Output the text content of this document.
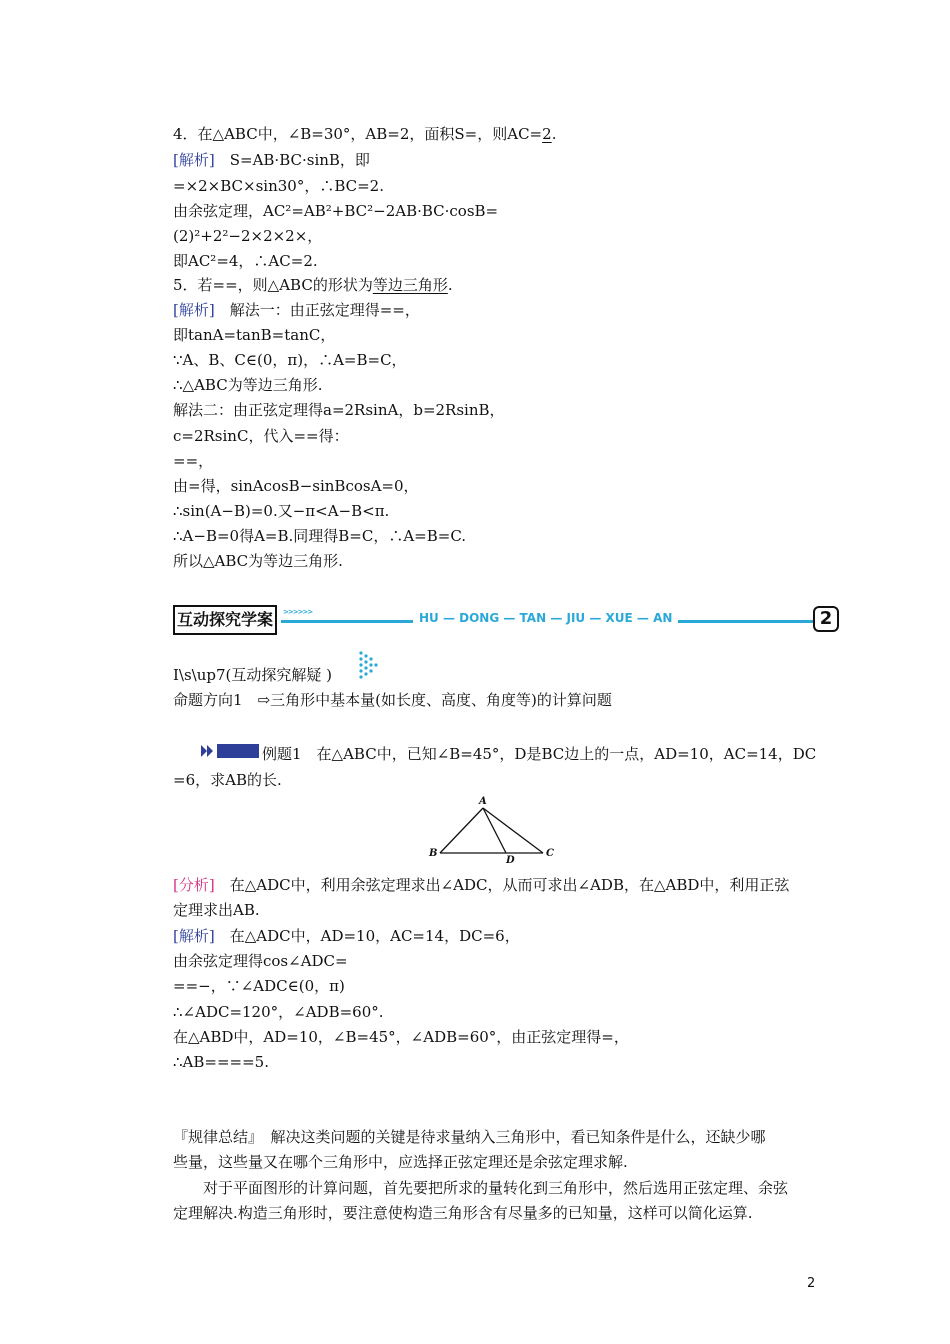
4．在△ABC中，∠B=30°，AB=2，面积S=，则AC=2.
[解析]　 S=AB·BC·sinB，即
=×2×BC×sin30°，∴BC=2.
由余弦定理，AC²=AB²+BC²−2AB·BC·cosB=
(2)²+2²−2×2×2×，
即AC²=4，∴AC=2.
5．若==，则△ABC的形状为等边三角形.
[解析]　 解法一：由正弦定理得==，
即tanA=tanB=tanC，
∵A、B、C∈(0，π)，∴A=B=C，
∴△ABC为等边三角形.
解法二：由正弦定理得a=2RsinA，b=2RsinB，
c=2RsinC，代入==得：
==，
由=得，sinAcosB−sinBcosA=0，
∴sin(A−B)=0.又−π<A−B<π.
∴A−B=0得A=B.同理得B=C，∴A=B=C.
所以△ABC为等边三角形.
互动探究学案	>>>>>>	HU — DONG — TAN — JIU — XUE — AN	2
I\s\up7(互动探究解疑 )
命题方向1　⇨三角形中基本量(如长度、高度、角度等)的计算问题
例题1　在△ABC中，已知∠B=45°，D是BC边上的一点，AD=10，AC=14，DC
=6，求AB的长.
A
B	C
D
[分析]　 在△ADC中，利用余弦定理求出∠ADC，从而可求出∠ADB，在△ABD中，利用正弦
定理求出AB.
[解析]　 在△ADC中，AD=10，AC=14，DC=6，
由余弦定理得cos∠ADC=
==−，∵∠ADC∈(0，π)
∴∠ADC=120°，∠ADB=60°.
在△ABD中，AD=10，∠B=45°，∠ADB=60°，由正弦定理得=，
∴AB====5.
『规律总结』　解决这类问题的关键是待求量纳入三角形中，看已知条件是什么，还缺少哪
些量，这些量又在哪个三角形中，应选择正弦定理还是余弦定理求解.
对于平面图形的计算问题，首先要把所求的量转化到三角形中，然后选用正弦定理、余弦
定理解决.构造三角形时，要注意使构造三角形含有尽量多的已知量，这样可以简化运算.
2
